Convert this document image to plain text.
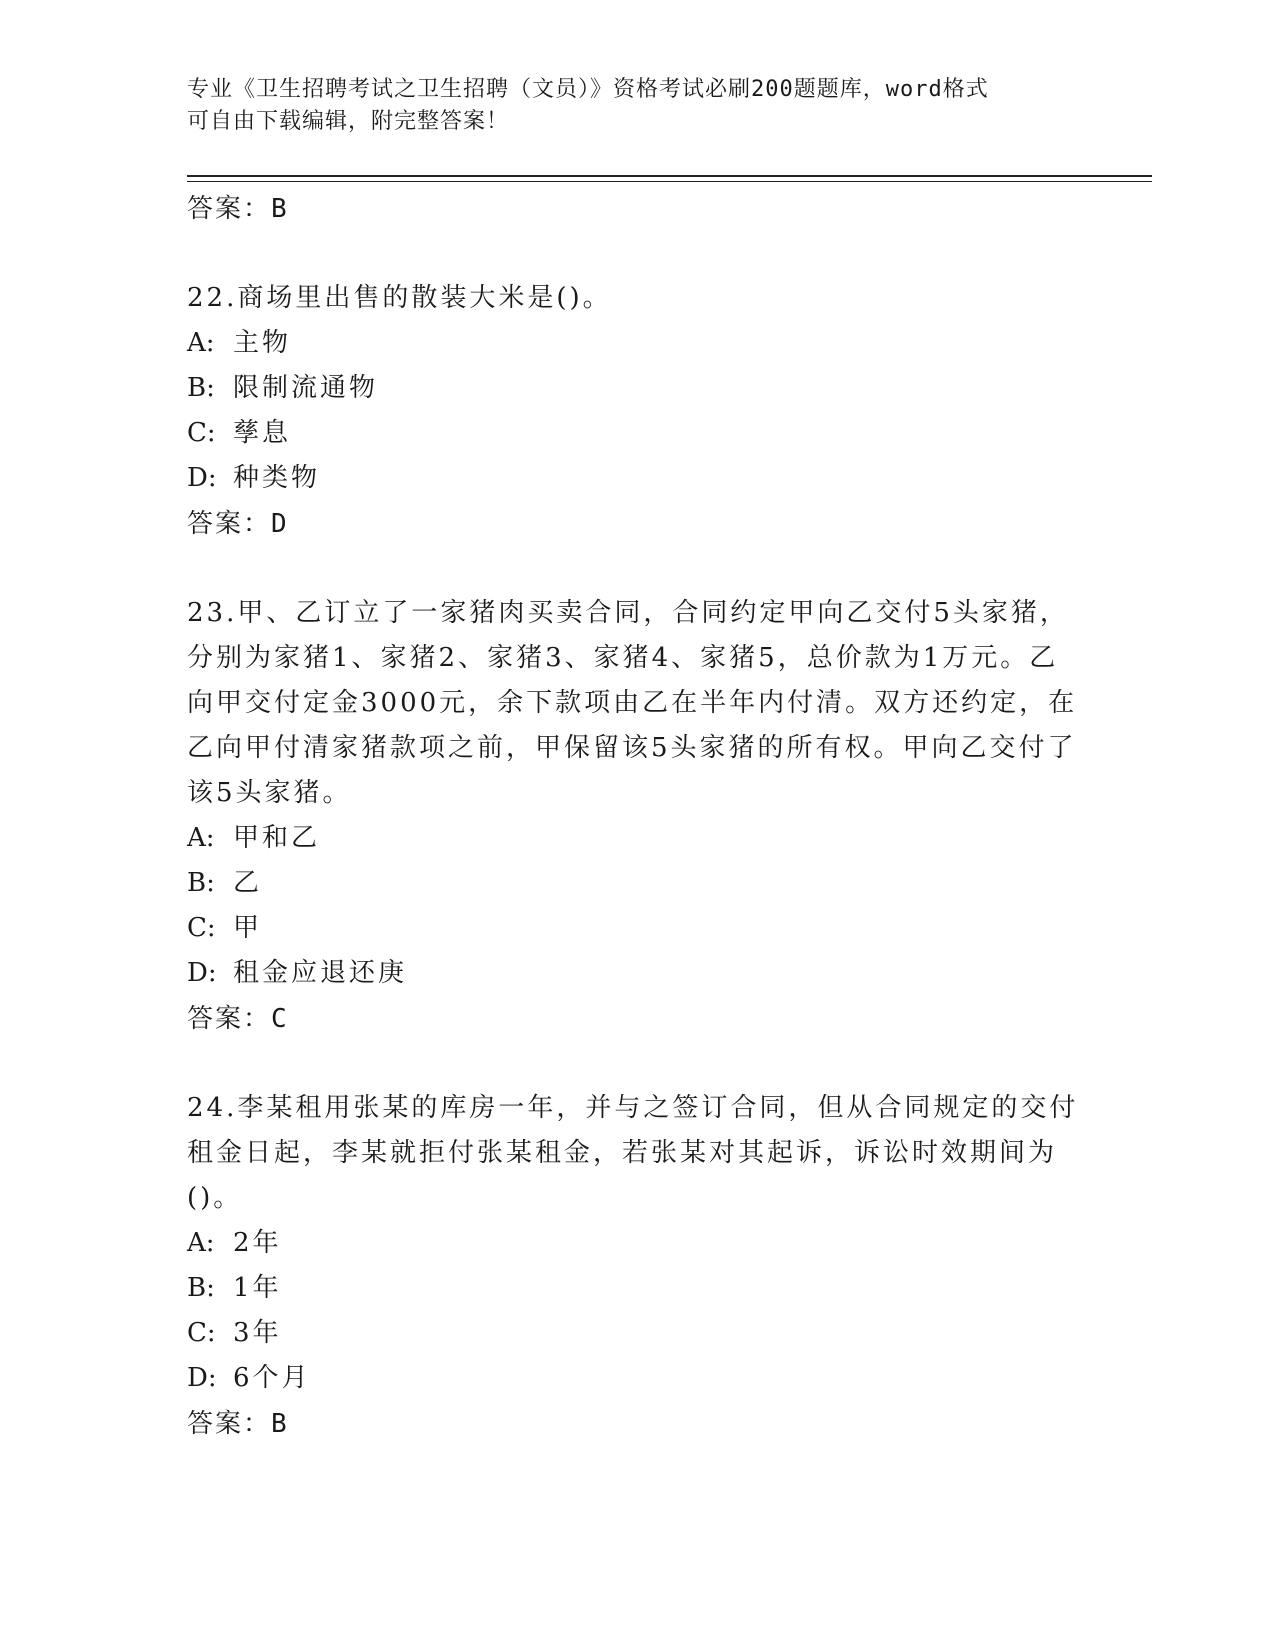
专业《卫生招聘考试之卫生招聘（文员）》资格考试必刷200题题库，word格式
可自由下载编辑，附完整答案！

答案：B

22.商场里出售的散装大米是()。

A: 主物

B: 限制流通物

C: 孳息

D: 种类物

答案：D

23.甲、乙订立了一家猪肉买卖合同，合同约定甲向乙交付5头家猪，分别为家猪1、家猪2、家猪3、家猪4、家猪5，总价款为1万元。乙向甲交付定金3000元，余下款项由乙在半年内付清。双方还约定，在乙向甲付清家猪款项之前，甲保留该5头家猪的所有权。甲向乙交付了该5头家猪。

A: 甲和乙

B: 乙

C: 甲

D: 租金应退还庚

答案：C

24.李某租用张某的库房一年，并与之签订合同，但从合同规定的交付租金日起，李某就拒付张某租金，若张某对其起诉，诉讼时效期间为()。

A: 2年

B: 1年

C: 3年

D: 6个月

答案：B
